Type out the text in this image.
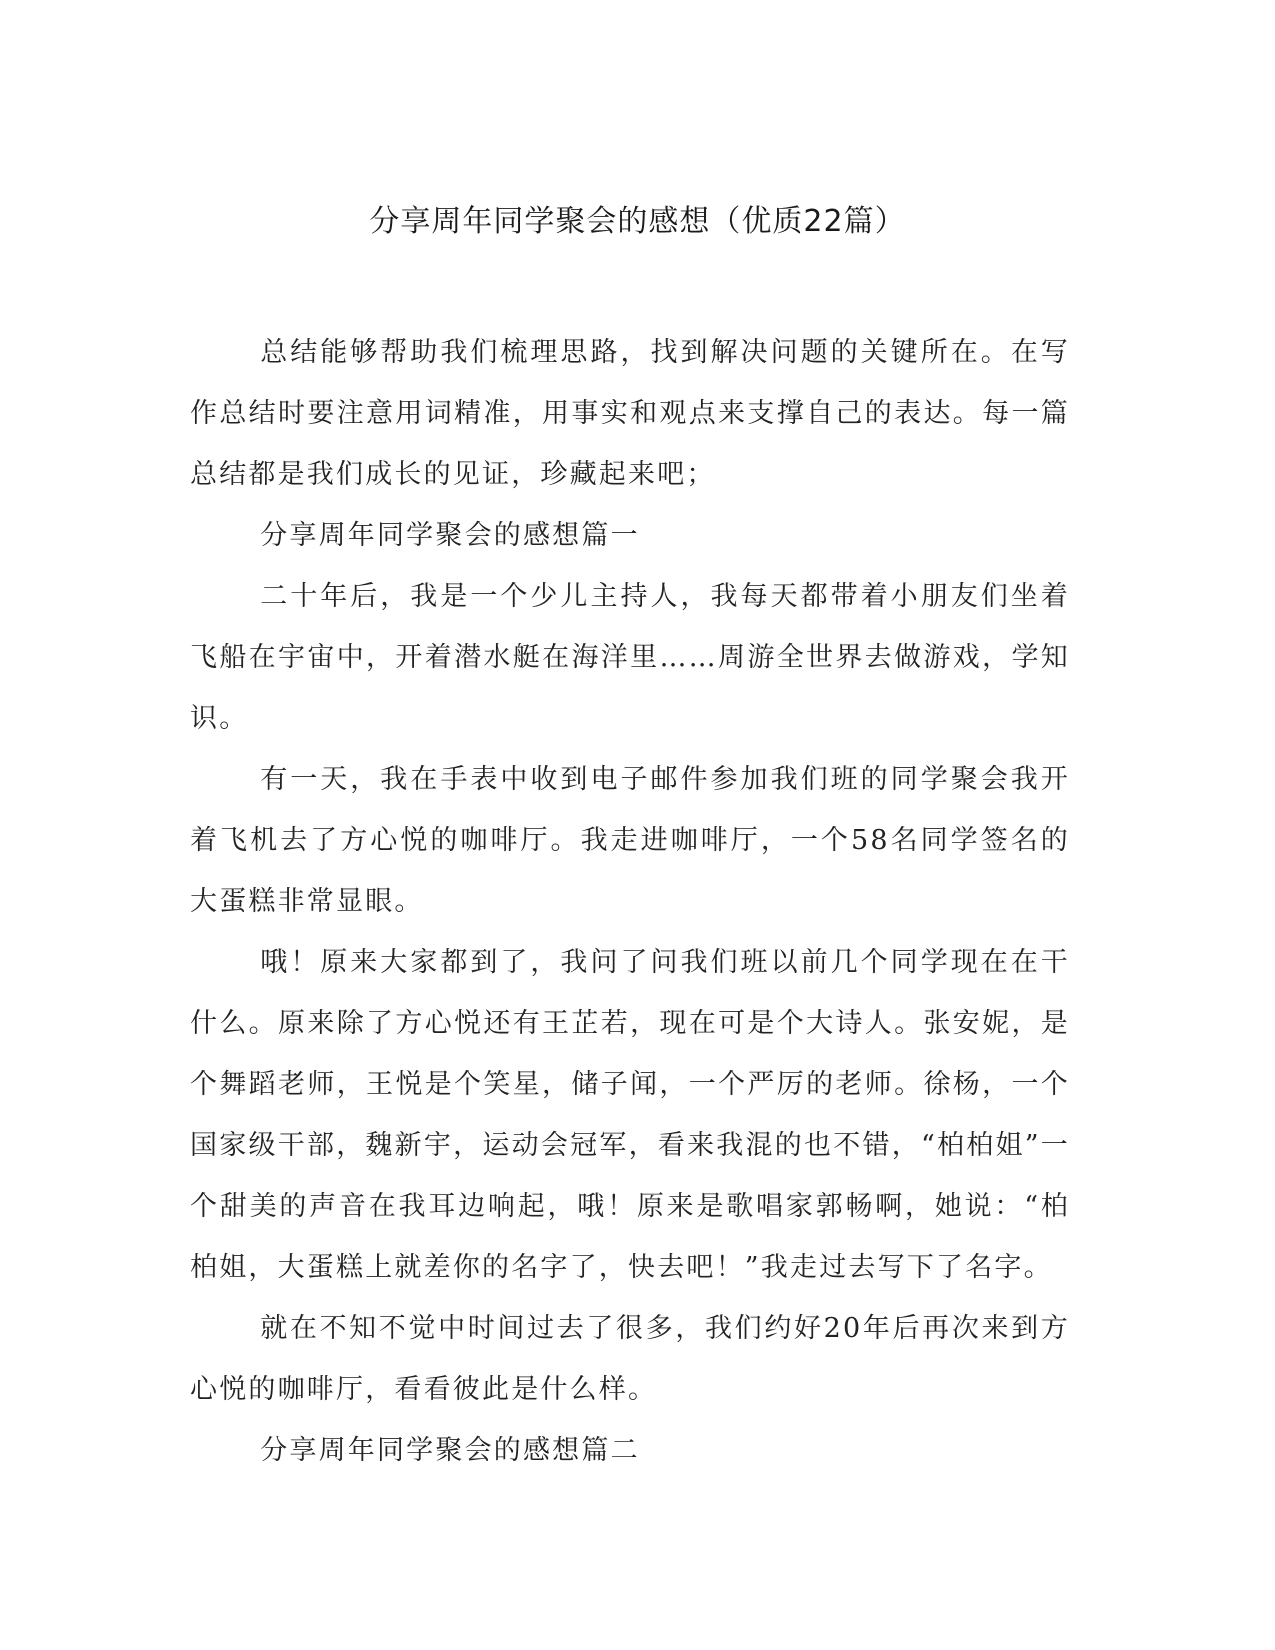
分享周年同学聚会的感想（优质22篇）

总结能够帮助我们梳理思路，找到解决问题的关键所在。在写作总结时要注意用词精准，用事实和观点来支撑自己的表达。每一篇总结都是我们成长的见证，珍藏起来吧；

分享周年同学聚会的感想篇一

二十年后，我是一个少儿主持人，我每天都带着小朋友们坐着飞船在宇宙中，开着潜水艇在海洋里……周游全世界去做游戏，学知识。

有一天，我在手表中收到电子邮件参加我们班的同学聚会我开着飞机去了方心悦的咖啡厅。我走进咖啡厅，一个58名同学签名的大蛋糕非常显眼。

哦！原来大家都到了，我问了问我们班以前几个同学现在在干什么。原来除了方心悦还有王芷若，现在可是个大诗人。张安妮，是个舞蹈老师，王悦是个笑星，储子闻，一个严厉的老师。徐杨，一个国家级干部，魏新宇，运动会冠军，看来我混的也不错，“柏柏姐”一个甜美的声音在我耳边响起，哦！原来是歌唱家郭畅啊，她说：“柏柏姐，大蛋糕上就差你的名字了，快去吧！”我走过去写下了名字。

就在不知不觉中时间过去了很多，我们约好20年后再次来到方心悦的咖啡厅，看看彼此是什么样。

分享周年同学聚会的感想篇二
